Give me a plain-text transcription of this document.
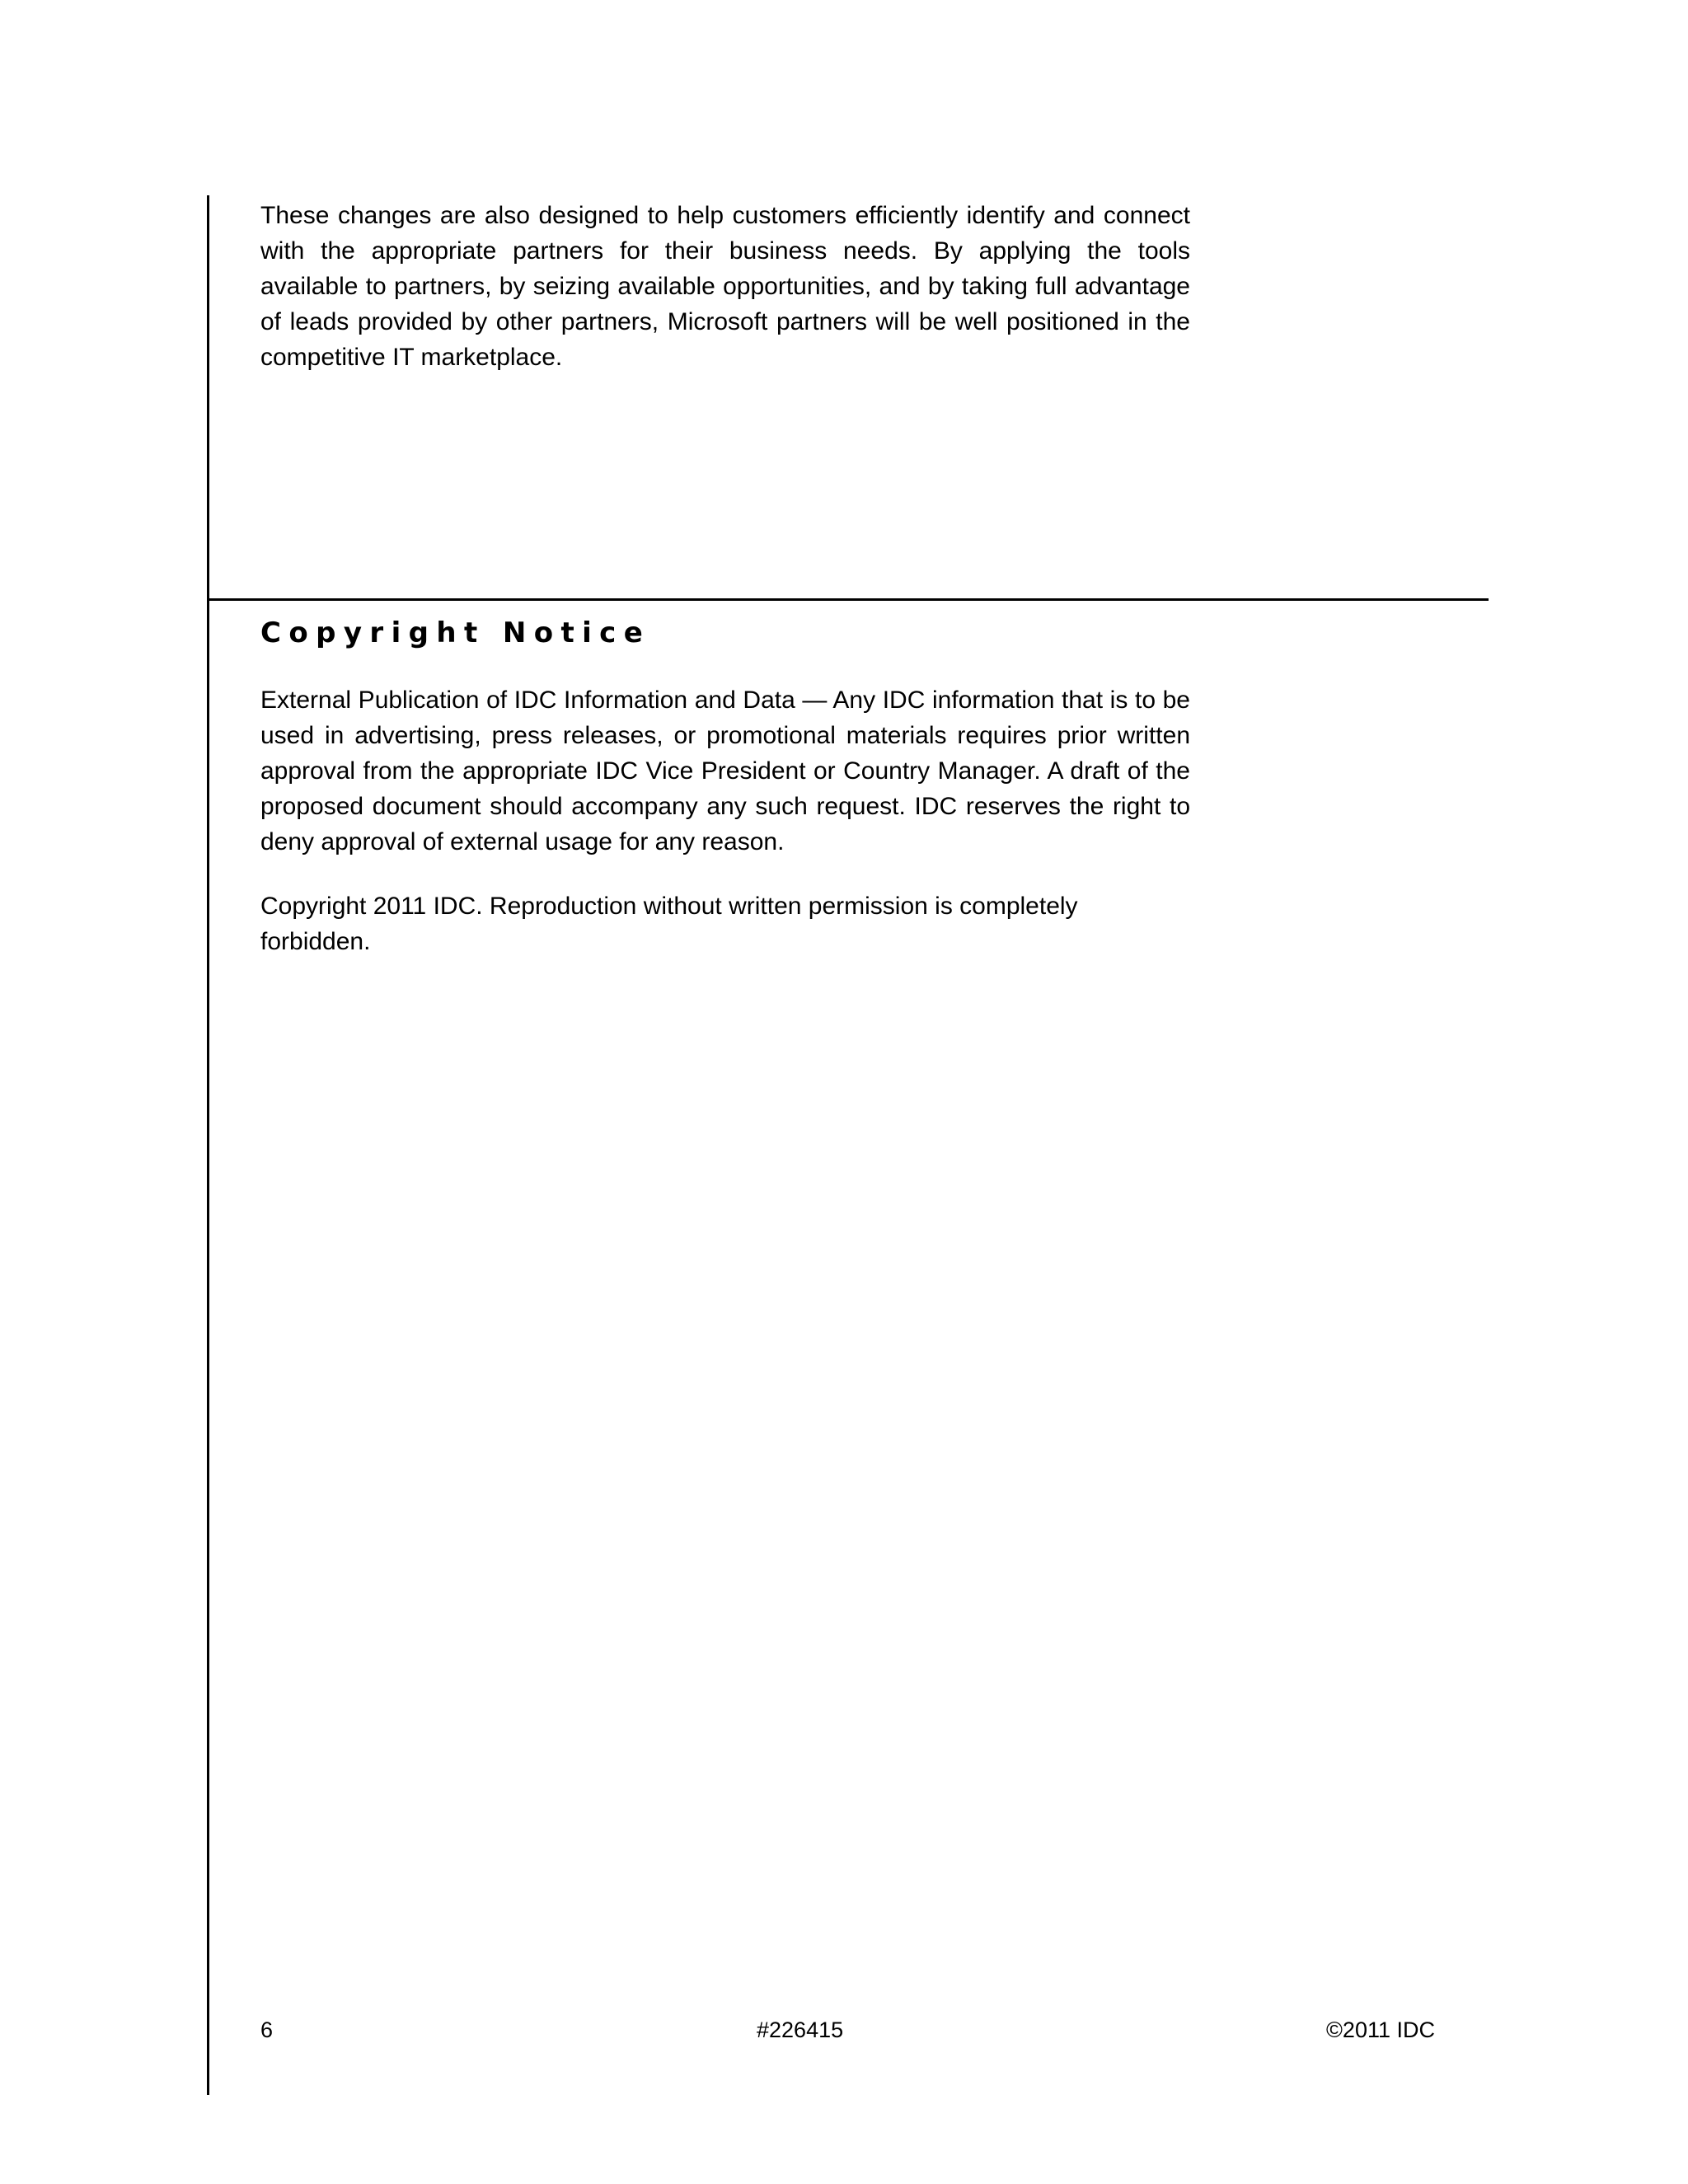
These changes are also designed to help customers efficiently identify and connect with the appropriate partners for their business needs. By applying the tools available to partners, by seizing available opportunities, and by taking full advantage of leads provided by other partners, Microsoft partners will be well positioned in the competitive IT marketplace.

Copyright Notice

External Publication of IDC Information and Data — Any IDC information that is to be used in advertising, press releases, or promotional materials requires prior written approval from the appropriate IDC Vice President or Country Manager. A draft of the proposed document should accompany any such request. IDC reserves the right to deny approval of external usage for any reason.

Copyright 2011 IDC. Reproduction without written permission is completely forbidden.

6	#226415	©2011 IDC
